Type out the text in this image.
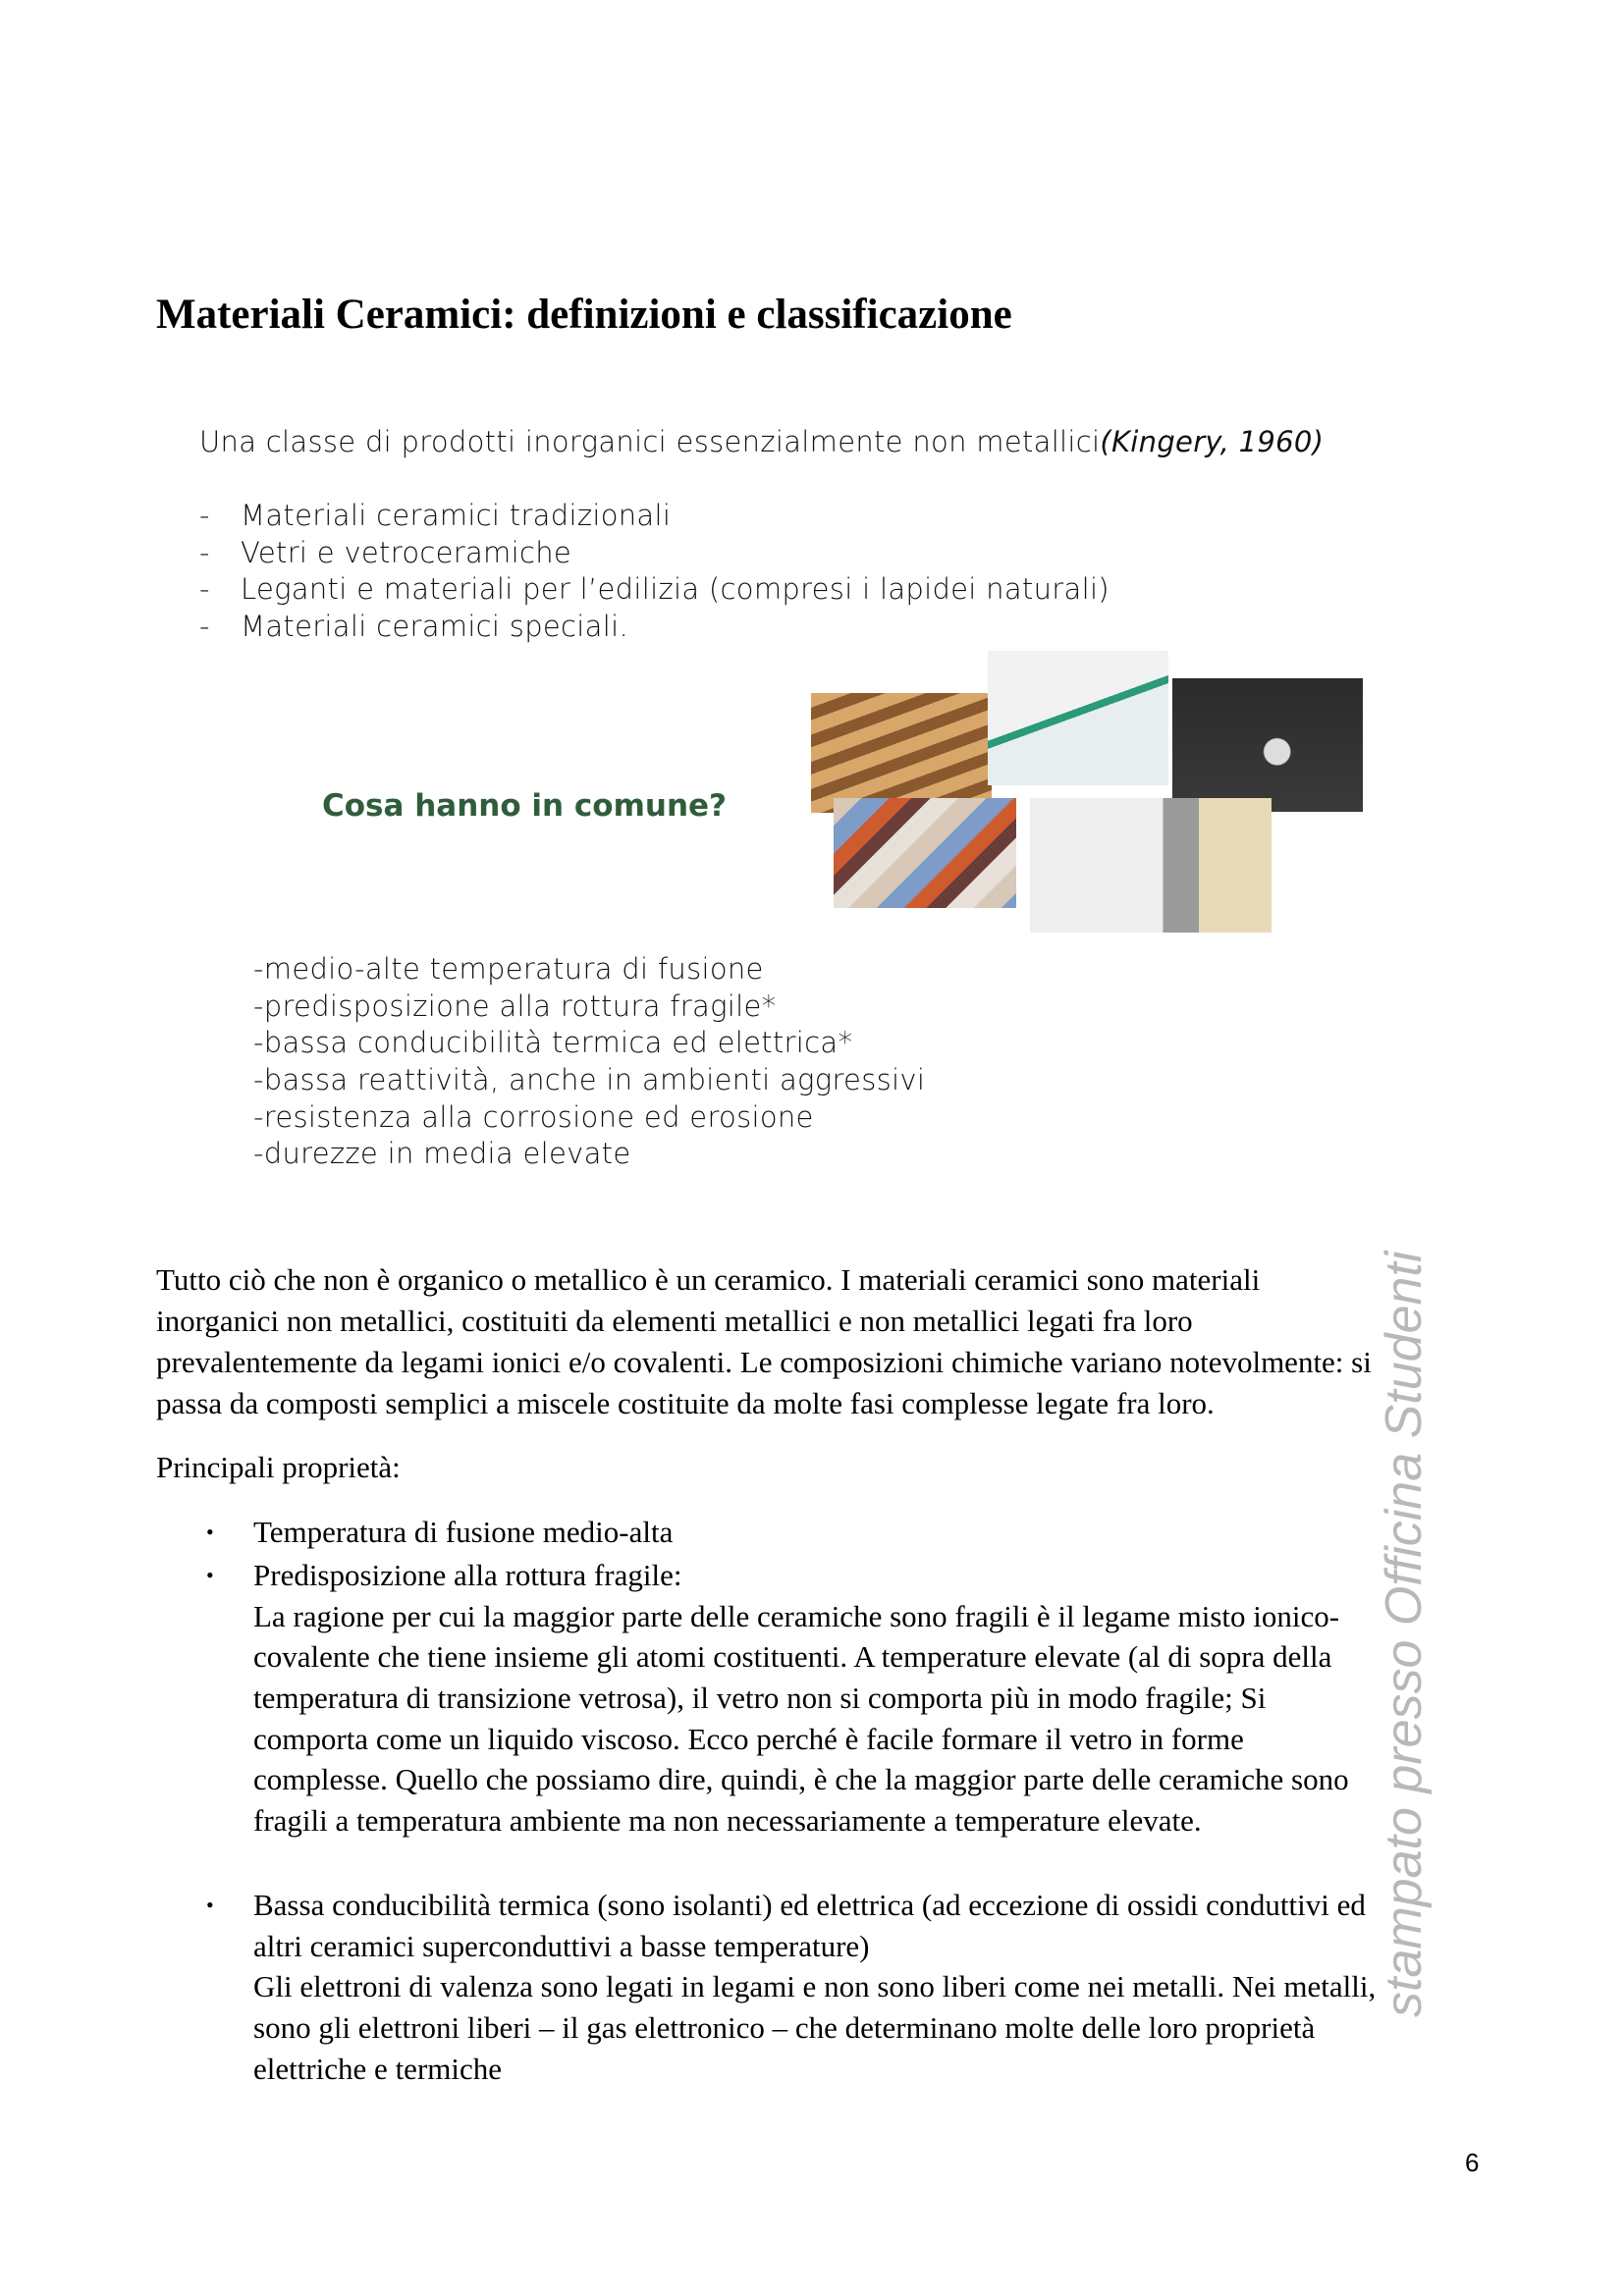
Materiali Ceramici: definizioni e classificazione
Una classe di prodotti inorganici essenzialmente non metallici(Kingery, 1960)
- Materiali ceramici tradizionali
- Vetri e vetroceramiche
- Leganti e materiali per l’edilizia (compresi i lapidei naturali)
- Materiali ceramici speciali.
Cosa hanno in comune?
-medio-alte temperatura di fusione
-predisposizione alla rottura fragile*
-bassa conducibilità termica ed elettrica*
-bassa reattività, anche in ambienti aggressivi
-resistenza alla corrosione ed erosione
-durezze in media elevate
Tutto ciò che non è organico o metallico è un ceramico. I materiali ceramici sono materiali
inorganici non metallici, costituiti da elementi metallici e non metallici legati fra loro
prevalentemente da legami ionici e/o covalenti. Le composizioni chimiche variano notevolmente: si
passa da composti semplici a miscele costituite da molte fasi complesse legate fra loro.
Principali proprietà:
• Temperatura di fusione medio-alta
• Predisposizione alla rottura fragile:
La ragione per cui la maggior parte delle ceramiche sono fragili è il legame misto ionico-
covalente che tiene insieme gli atomi costituenti. A temperature elevate (al di sopra della
temperatura di transizione vetrosa), il vetro non si comporta più in modo fragile; Si
comporta come un liquido viscoso. Ecco perché è facile formare il vetro in forme
complesse. Quello che possiamo dire, quindi, è che la maggior parte delle ceramiche sono
fragili a temperatura ambiente ma non necessariamente a temperature elevate.
• Bassa conducibilità termica (sono isolanti) ed elettrica (ad eccezione di ossidi conduttivi ed
altri ceramici superconduttivi a basse temperature)
Gli elettroni di valenza sono legati in legami e non sono liberi come nei metalli. Nei metalli,
sono gli elettroni liberi – il gas elettronico – che determinano molte delle loro proprietà
elettriche e termiche
stampato presso Officina Studenti
6
